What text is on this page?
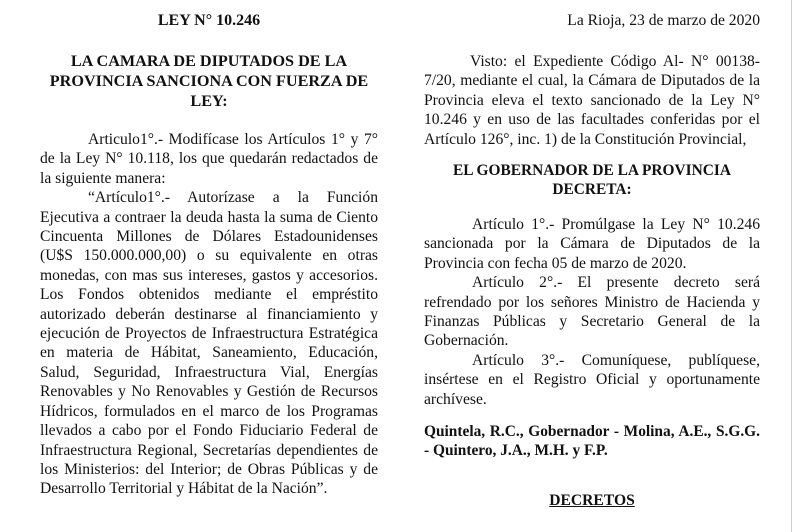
LEY N° 10.246
LA CAMARA DE DIPUTADOS DE LA PROVINCIA SANCIONA CON FUERZA DE LEY:

Articulo1°.- Modifícase los Artículos 1° y 7° de la Ley N° 10.118, los que quedarán redactados de la siguiente manera:

“Artículo1°.- Autorízase a la Función Ejecutiva a contraer la deuda hasta la suma de Ciento Cincuenta Millones de Dólares Estadounidenses (U$S 150.000.000,00) o su equivalente en otras monedas, con mas sus intereses, gastos y accesorios. Los Fondos obtenidos mediante el empréstito autorizado deberán destinarse al financiamiento y ejecución de Proyectos de Infraestructura Estratégica en materia de Hábitat, Saneamiento, Educación, Salud, Seguridad, Infraestructura Vial, Energías Renovables y No Renovables y Gestión de Recursos Hídricos, formulados en el marco de los Programas llevados a cabo por el Fondo Fiduciario Federal de Infraestructura Regional, Secretarías dependientes de los Ministerios: del Interior; de Obras Públicas y de Desarrollo Territorial y Hábitat de la Nación”.

La Rioja, 23 de marzo de 2020

Visto: el Expediente Código Al- N° 00138-7/20, mediante el cual, la Cámara de Diputados de la Provincia eleva el texto sancionado de la Ley N° 10.246 y en uso de las facultades conferidas por el Artículo 126°, inc. 1) de la Constitución Provincial,

EL GOBERNADOR DE LA PROVINCIA DECRETA:

Artículo 1°.- Promúlgase la Ley N° 10.246 sancionada por la Cámara de Diputados de la Provincia con fecha 05 de marzo de 2020.

Artículo 2°.- El presente decreto será refrendado por los señores Ministro de Hacienda y Finanzas Públicas y Secretario General de la Gobernación.

Artículo 3°.- Comuníquese, publíquese, insértese en el Registro Oficial y oportunamente archívese.

Quintela, R.C., Gobernador - Molina, A.E., S.G.G. - Quintero, J.A., M.H. y F.P.

DECRETOS
